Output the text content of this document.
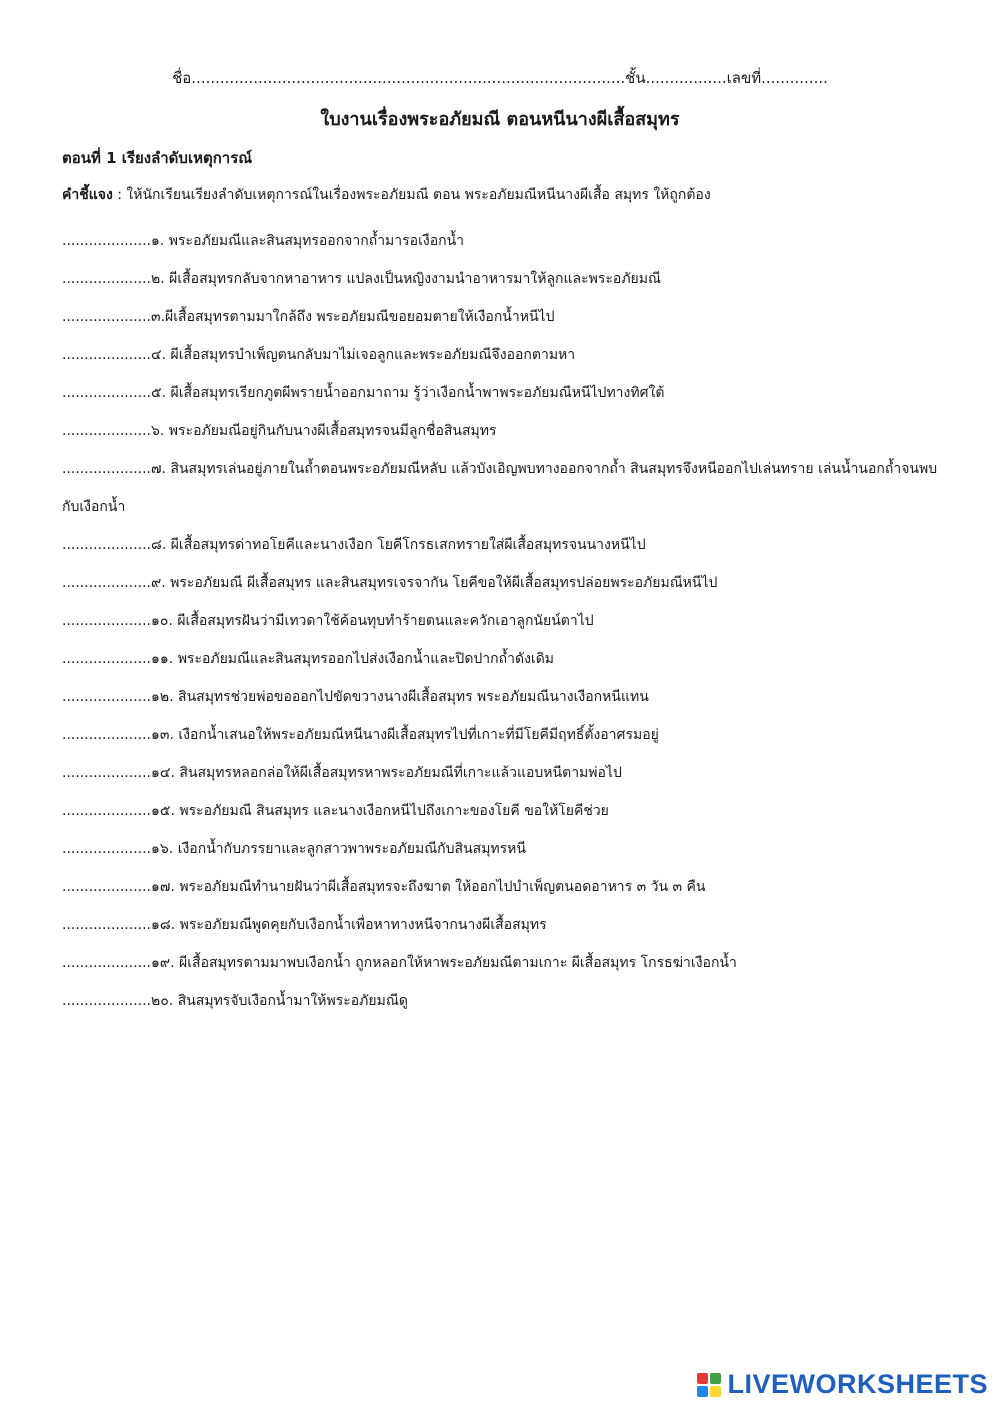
ชื่อ...........................................................................................ชั้น.................เลขที่..............
ใบงานเรื่องพระอภัยมณี ตอนหนีนางผีเสื้อสมุทร
ตอนที่ 1 เรียงลำดับเหตุการณ์
คำชี้แจง : ให้นักเรียนเรียงลำดับเหตุการณ์ในเรื่องพระอภัยมณี ตอน พระอภัยมณีหนีนางผีเสื้อ สมุทร ให้ถูกต้อง
....................๑. พระอภัยมณีและสินสมุทรออกจากถ้ำมารอเงือกน้ำ
....................๒. ผีเสื้อสมุทรกลับจากหาอาหาร แปลงเป็นหญิงงามนำอาหารมาให้ลูกและพระอภัยมณี
....................๓.ผีเสื้อสมุทรตามมาใกล้ถึง พระอภัยมณีขอยอมตายให้เงือกน้ำหนีไป
....................๔. ผีเสื้อสมุทรบำเพ็ญตนกลับมาไม่เจอลูกและพระอภัยมณีจึงออกตามหา
....................๕. ผีเสื้อสมุทรเรียกภูตผีพรายน้ำออกมาถาม รู้ว่าเงือกน้ำพาพระอภัยมณีหนีไปทางทิศใต้
....................๖. พระอภัยมณีอยู่กินกับนางผีเสื้อสมุทรจนมีลูกชื่อสินสมุทร
....................๗. สินสมุทรเล่นอยู่ภายในถ้ำตอนพระอภัยมณีหลับ แล้วบังเอิญพบทางออกจากถ้ำ สินสมุทรจึงหนีออกไปเล่นทราย เล่นน้ำนอกถ้ำจนพบกับเงือกน้ำ
....................๘. ผีเสื้อสมุทรด่าทอโยคีและนางเงือก โยคีโกรธเสกทรายใส่ผีเสื้อสมุทรจนนางหนีไป
....................๙. พระอภัยมณี ผีเสื้อสมุทร และสินสมุทรเจรจากัน โยคีขอให้ผีเสื้อสมุทรปล่อยพระอภัยมณีหนีไป
....................๑๐. ผีเสื้อสมุทรฝันว่ามีเทวดาใช้ค้อนทุบทำร้ายตนและควักเอาลูกนัยน์ตาไป
....................๑๑. พระอภัยมณีและสินสมุทรออกไปส่งเงือกน้ำและปิดปากถ้ำดังเดิม
....................๑๒. สินสมุทรช่วยพ่อขอออกไปขัดขวางนางผีเสื้อสมุทร พระอภัยมณีนางเงือกหนีแทน
....................๑๓. เงือกน้ำเสนอให้พระอภัยมณีหนีนางผีเสื้อสมุทรไปที่เกาะที่มีโยคีมีฤทธิ์ตั้งอาศรมอยู่
....................๑๔. สินสมุทรหลอกล่อให้ผีเสื้อสมุทรหาพระอภัยมณีที่เกาะแล้วแอบหนีตามพ่อไป
....................๑๕. พระอภัยมณี สินสมุทร และนางเงือกหนีไปถึงเกาะของโยคี ขอให้โยคีช่วย
....................๑๖. เงือกน้ำกับภรรยาและลูกสาวพาพระอภัยมณีกับสินสมุทรหนี
....................๑๗. พระอภัยมณีทำนายฝันว่าผีเสื้อสมุทรจะถึงฆาต ให้ออกไปบำเพ็ญตนอดอาหาร ๓ วัน ๓ คืน
....................๑๘. พระอภัยมณีพูดคุยกับเงือกน้ำเพื่อหาทางหนีจากนางผีเสื้อสมุทร
....................๑๙. ผีเสื้อสมุทรตามมาพบเงือกน้ำ ถูกหลอกให้หาพระอภัยมณีตามเกาะ ผีเสื้อสมุทร โกรธฆ่าเงือกน้ำ
....................๒๐. สินสมุทรจับเงือกน้ำมาให้พระอภัยมณีดู
LIVEWORKSHEETS
